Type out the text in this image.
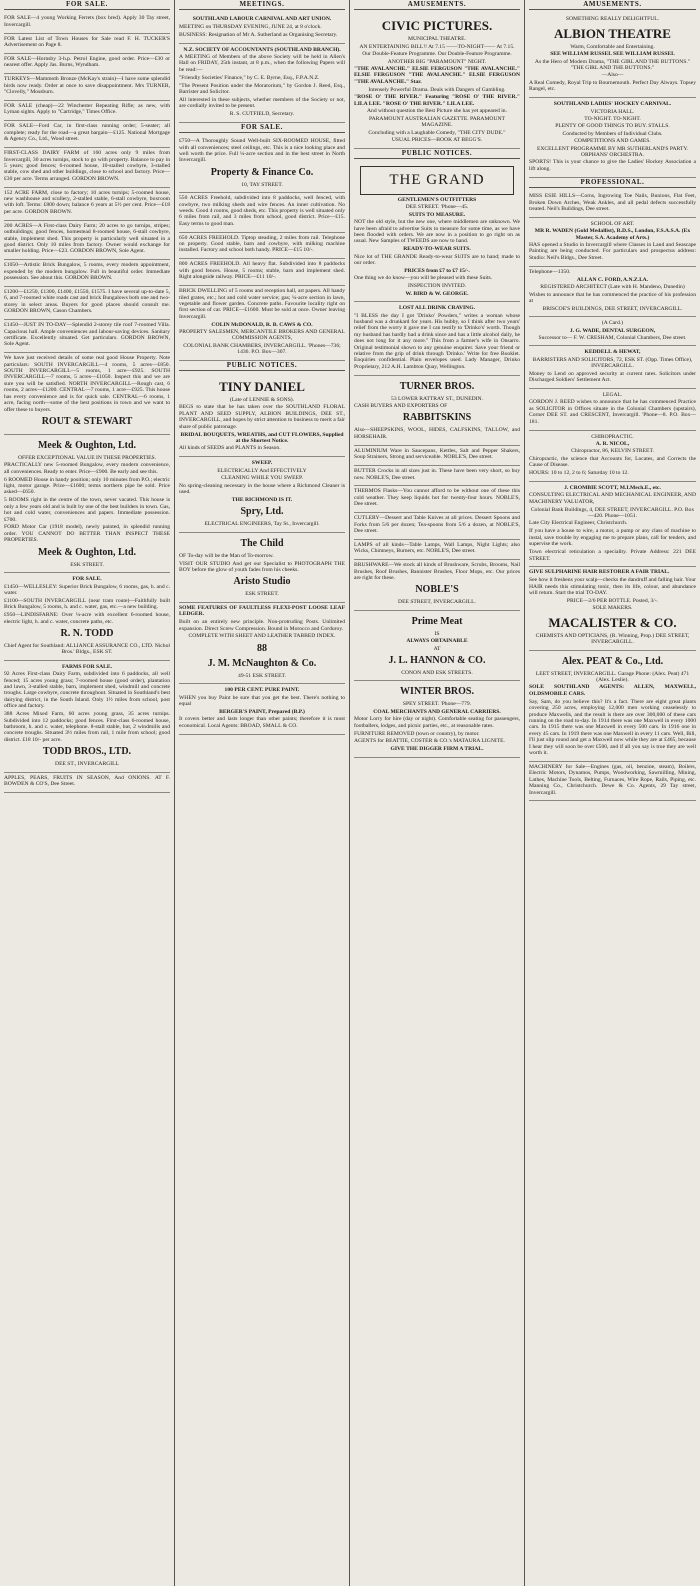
FOR SALE.

FOR SALE—4 young Working Ferrets (box bred). Apply 30 Tay street, Invercargill.

FOR Latest List of Town Houses for Sale read F. H. TUCKER'S Advertisement on Page 8.

FOR SALE—Hornsby 3-h.p. Petrol Engine, good order. Price—£30 or nearest offer. Apply Jas. Burns, Wyndham.

TURKEYS—Mammoth Bronze (McKay's strain)—I have some splendid birds now ready. Order at once to save disappointment. Mrs TURNER, "Clovelly," Mossburn.

FOR SALE (cheap)—22 Winchester Repeating Rifle; as new, with Lyman sights. Apply to "Cartridge," Times Office.

FOR SALE—Ford Car, in first-class running order; 5-seater; all complete; ready for the road—a great bargain—£125. National Mortgage & Agency Co., Ltd., Wood street.

FIRST-CLASS DAIRY FARM of 160 acres only 9 miles from Invercargill, 30 acres turnips, stock to go with property. Balance to pay in 5 years; good fences; 6-roomed house, 10-stalled cowbyre, 3-stalled stable, cow shed and other buildings, close to school and factory. Price—£30 per acre. Terms arranged. GORDON BROWN.

152 ACRE FARM, close to factory; 10 acres turnips; 5-roomed house, new washhouse and scullery, 2-stalled stable, 6-stall cowbyre, boxroom with loft. Terms: £800 down; balance 6 years at 5½ per cent. Price—£18 per acre. GORDON BROWN.

200 ACRES—A First-class Dairy Farm; 20 acres to go turnips, stripes; outbuildings; good fences, homestead 8-roomed house, 6-stall cowbyre, stable, implement shed. This property is particularly well situated in a good district. Only 10 miles from factory. Owner would exchange for smaller holding. Price—£23. GORDON BROWN, Sole Agent.

£1050—Artistic Brick Bungalow, 5 rooms, every modern appointment, expended by the modern bungalow. Full in beautiful order. Immediate possession. See about this. GORDON BROWN.

£1200—£1250, £1300, £1400, £1550, £1575. I have several up-to-date 5, 6, and 7-roomed white roads cast and brick Bungalows both one and two-storey in select areas. Buyers for good places should consult me. GORDON BROWN, Cason Chambers.

£1450—JUST IN TO-DAY—Splendid 2-storey tile roof 7-roomed Villa. Capacious hall. Ample conveniences and labour-saving devices. Sanitary certificate. Excellently situated. Get particulars. GORDON BROWN, Sole Agent.

We have just received details of some real good House Property. Note particulars: SOUTH INVERCARGILL—4 rooms, 5 acres—£850. SOUTH INVERCARGILL—5 rooms, 1 acre—£925. SOUTH INVERCARGILL—7 rooms, 5 acres—£1050. Inspect this and we are sure you will be satisfied. NORTH INVERCARGILL—Rough cast, 6 rooms, 2 acres—£1200. CENTRAL—7 rooms, 1 acre—£925. This house has every convenience and is for quick sale. CENTRAL—6 rooms, 1 acre, facing north—some of the best positions in town and we want to offer these to buyers.

ROUT & STEWART
Meek & Oughton, Ltd.
OFFER EXCEPTIONAL VALUE IN THESE PROPERTIES.

PRACTICALLY new 5-roomed Bungalow, every modern convenience, all conveniences. Ready to enter. Price—£900. Be early and see this.

6 ROOMED House in handy position; only 10 minutes from P.O.; electric light, motor garage. Price—£1600; terms northern pipe be sold. Price asked—£650.

5 ROOMS right in the centre of the town, never vacated. This house is only a few years old and is built by one of the best builders in town. Gas, hot and cold water, conveniences and papers. Immediate possession. £700.

FORD Motor Car (1918 model), newly painted, in splendid running order. YOU CANNOT DO BETTER THAN INSPECT THESE PROPERTIES.

Meek & Oughton, Ltd.
ESK STREET.
FOR SALE.

£1450—WELLESLEY: Superior Brick Bungalow, 6 rooms, gas, h. and c. water.

£1100—SOUTH INVERCARGILL (near tram route)—Faithfully built Brick Bungalow, 5 rooms, h. and c. water, gas, etc.—a new building.

£950—LINDISFARNE: Over ¼-acre with excellent 6-roomed house, electric light, h. and c. water, concrete paths, etc.

R. N. TODD
Chief Agent for Southland: ALLIANCE ASSURANCE CO., LTD. Nichol Bros.' Bldgs., ESK ST.
FARMS FOR SALE.

92 Acres First-class Dairy Farm, subdivided into 6 paddocks, all well fenced; 15 acres young grass; 7-roomed house (good order), plantation and lawn, 3-stalled stable, barn, implement shed, windmill and concrete troughs. Large cowbyre, concrete throughout. Situated in Southland's best dairying district, in the South Island. Only 1½ miles from school, post office and factory.

388 Acres Mixed Farm, 60 acres young grass, 35 acres turnips. Subdivided into 12 paddocks; good fences. First-class 6-roomed house, bathroom, h. and c. water, telephone. 8-stall stable, hut, 2 windmills and concrete troughs. Situated 3½ miles from rail, 1 mile from school; good district. £18 10/- per acre.

TODD BROS., LTD.
DEE ST., INVERCARGILL

APPLES, PEARS, FRUITS IN SEASON, And ONIONS. AT F. BOWDEN & CO'S, Dee Street.

MEETINGS.
SOUTHLAND LABOUR CARNIVAL AND ART UNION.

MEETING on THURSDAY EVENING, JUNE 24, at 8 o'clock.

BUSINESS: Resignation of Mr A. Sutherland as Organising Secretary.

N.Z. SOCIETY OF ACCOUNTANTS (SOUTHLAND BRANCH).

A MEETING of Members of the above Society will be held in Allen's Hall on FRIDAY, 25th instant, at 8 p.m., when the following Papers will be read:—

"Friendly Societies' Finance," by C. E. Byrne, Esq., F.P.A.N.Z.

"The Present Position under the Moratorium," by Gordon J. Reed, Esq., Barrister and Solicitor.

All interested in these subjects, whether members of the Society or not, are cordially invited to be present.

R. S. CUTFIELD, Secretary.
FOR SALE.

£750—A Thoroughly Sound Well-built SIX-ROOMED HOUSE, fitted with all conveniences; steel ceilings, etc. This is a nice looking place and well worth the price. Full ¼-acre section and in the best street in North Invercargill.

Property & Finance Co.
10, TAY STREET.

550 ACRES Freehold, subdivided into 8 paddocks, well fenced, with cowbyre, two milking sheds and wire fences. An inner cultivation. No weeds. Good 4 rooms, good sheds, etc. This property is well situated only 6 miles from rail, and 3 miles from school, good district. Price—£15. Easy terms to good man.

650 ACRES FREEHOLD. Tiptop steading, 2 miles from rail. Telephone on property. Good stable, barn and cowbyre, with milking machine installed. Factory and school both handy. PRICE—£15 10/-.

800 ACRES FREEHOLD. All heavy flat. Subdivided into 8 paddocks with good fences. House, 5 rooms; stable, barn and implement shed. Right alongside railway. PRICE—£11 10/-.

BRICK DWELLING of 5 rooms and reception hall, art papers. All handy tiled grates, etc.; hot and cold water service; gas; ¼-acre section in lawn, vegetable and flower garden. Concrete paths. Favourite locality right on first section of car. PRICE—£1600. Must be sold at once. Owner leaving Invercargill.

COLIN McDONALD, R. B. CAWS & CO.
PROPERTY SALESMEN, MERCANTILE BROKERS AND GENERAL COMMISSION AGENTS,
COLONIAL BANK CHAMBERS, INVERCARGILL. 'Phones—736; 1436. P.O. Box—307.
PUBLIC NOTICES.
TINY DANIEL
(Late of LENNIE & SONS).

BEGS to state that he has taken over the SOUTHLAND FLORAL PLANT AND SEED SUPPLY, ALBION BUILDINGS, DEE ST., INVERCARGILL, and hopes by strict attention to business to merit a fair share of public patronage.

BRIDAL BOUQUETS, WREATHS, and CUT FLOWERS, Supplied at the Shortest Notice.

All kinds of SEEDS and PLANTS in Season.

SWEEP.
ELECTRICALLY And EFFECTIVELY
CLEANING WHILE YOU SWEEP.

No spring-cleaning necessary in the house where a Richmond Cleaner is used.

THE RICHMOND IS IT.
Spry, Ltd.
ELECTRICAL ENGINEERS, Tay St., Invercargill.
The Child

OF To-day will be the Man of To-morrow.

VISIT OUR STUDIO And get our Specialist to PHOTOGRAPH THE BOY before the glow of youth fades from his cheeks.

Aristo Studio
ESK STREET.

SOME FEATURES OF FAULTLESS FLEXI-POST LOOSE LEAF LEDGER.

Built on an entirely new principle. Non-protruding Posts. Unlimited expansion. Direct Screw Compression. Bound in Morocco and Corduroy.

COMPLETE WITH SHEET AND LEATHER TABBED INDEX.
88
J. M. McNaughton & Co.
49-51 ESK STREET.
100 PER CENT. PURE PAINT.

WHEN you buy Paint be sure that you get the best. There's nothing to equal

BERGER'S PAINT, Prepared (B.P.)

It covers better and lasts longer than other paints; therefore it is most economical. Local Agents: BROAD, SMALL & CO.

AMUSEMENTS.
CIVIC PICTURES.
MUNICIPAL THEATRE.
AN ENTERTAINING BILL!! At 7.15 ——TO-NIGHT—— At 7.15.
Our Double-Feature Programme. Our Double-Feature Programme.
ANOTHER BIG "PARAMOUNT" NIGHT.

"THE AVALANCHE." ELSIE FERGUSON "THE AVALANCHE." ELSIE FERGUSON "THE AVALANCHE." ELSIE FERGUSON "THE AVALANCHE." Star.

Intensely Powerful Drama. Deals with Dangers of Gambling.

"ROSE O' THE RIVER." Featuring "ROSE O' THE RIVER." LILA LEE. "ROSE O' THE RIVER." LILA LEE.

And without question the Best Picture she has yet appeared in.
PARAMOUNT AUSTRALIAN GAZETTE. PARAMOUNT MAGAZINE.
Concluding with a Laughable Comedy, "THE CITY DUDE."
USUAL PRICES—BOOK AT BEGG'S.
PUBLIC NOTICES.
THE GRAND
GENTLEMEN'S OUTFITTERS
DEE STREET. 'Phone—45.
SUITS TO MEASURE.

NOT the old style, but the new one, where middlemen are unknown. We have been afraid to advertise Suits to measure for some time, as we have been flooded with orders. We are now in a position to go right on as usual. New Samples of TWEEDS are now to hand.

READY-TO-WEAR SUITS.

Nice lot of THE GRANDE Ready-to-wear SUITS are to hand; made to our order.

PRICES from £7 to £7 15/-.

One thing we do know—you will be pleased with these Suits.

INSPECTION INVITED.
W. BIRD & W. GEORGE.
LOST ALL DRINK CRAVING.

"I BLESS the day I got 'Drinko' Powders," writes a woman whose husband was a drunkard for years. His hubby, so I think after two years' relief from the worry it gave me I can testify to 'Drinko's' worth. Though my husband has hardly had a drink since and has a little alcohol daily, he does not long for it any more." This from a farmer's wife in Onsarro. Original testimonial shown to any genuine enquirer. Save your friend or relative from the grip of drink through 'Drinko.' Write for free Booklet. Enquiries confidential. Plain envelopes used. Lady Manager, Drinko Proprietary, 212 A.H. Lambton Quay, Wellington.

TURNER BROS.
53 LOWER RATTRAY ST., DUNEDIN.

CASH BUYERS AND EXPORTERS OF

RABBITSKINS

Also—SHEEPSKINS, WOOL, HIDES, CALFSKINS, TALLOW, and HORSEHAIR.

ALUMINIUM Ware in Saucepans, Kettles, Salt and Pepper Shakers, Soup Strainers, Strong and serviceable. NOBLE'S, Dee street.

BUTTER Crocks in all sizes just in. These have been very short, so buy now. NOBLE'S, Dee street.

THERMOS Flasks—You cannot afford to be without one of these this cold weather. They keep liquids hot for twenty-four hours. NOBLE'S, Dee street.

CUTLERY—Dessert and Table Knives at all prices. Dessert Spoons and Forks from 5/6 per dozen; Tea-spoons from 5/6 a dozen, at NOBLE'S, Dee street.

LAMPS of all kinds—Table Lamps, Wall Lamps, Night Lights; also Wicks, Chimneys, Burners, etc. NOBLE'S, Dee street.

BRUSHWARE—We stock all kinds of Brushware, Scrubs, Brooms, Nail Brushes, Roof Brushes, Bannister Brushes, Floor Mops, etc. Our prices are right for these.

NOBLE'S
DEE STREET, INVERCARGILL.
Prime Meat
IS
ALWAYS OBTAINABLE
AT
J. L. HANNON & CO.
CONON AND ESK STREETS.
WINTER BROS.
SPEY STREET. 'Phone—779.
COAL MERCHANTS AND GENERAL CARRIERS.

Motor Lorry for hire (day or night). Comfortable seating for passengers, footballers, lodges, and picnic parties, etc., at reasonable rates.

FURNITURE REMOVED (town or country), by motor.

AGENTS for BEATTIE, COSTER & CO.'s MATAURA LIGNITE.

GIVE THE DIGGER FIRM A TRIAL.
AMUSEMENTS.
SOMETHING REALLY DELIGHTFUL.
ALBION THEATRE
Warm, Comfortable and Entertaining.
SEE WILLIAM RUSSEL SEE WILLIAM RUSSEL
As the Hero of Modern Drama, "THE GIRL AND THE BUTTONS." "THE GIRL AND THE BUTTONS."
—Also—

A Real Comedy, Royal Trip to Bournemouth. Perfect Day Always. Topsey Rangel, etc.

SOUTHLAND LADIES' HOCKEY CARNIVAL.
VICTORIA HALL.
TO-NIGHT. TO-NIGHT.
PLENTY OF GOOD THINGS TO BUY. STALLS.
Conducted by Members of Individual Clubs.
COMPETITIONS AND GAMES.
EXCELLENT PROGRAMME BY MR SUTHERLAND'S PARTY. ORPHANS' ORCHESTRA.

SPORTS! This is your chance to give the Ladies' Hockey Association a lift along.

PROFESSIONAL.

MISS ESIE HILLS—Corns, Ingrowing Toe Nails, Bunions, Flat Feet, Broken Down Arches, Weak Ankles, and all pedal defects successfully treated. Neil's Buildings, Dee street.

SCHOOL OF ART.
MR R. WADEN (Gold Medallist), R.D.S., London, F.S.A.S.A. (Ex Master, S.A. Academy of Arts.)

HAS opened a Studio in Invercargill where Classes in Land and Seascape Painting are being conducted. For particulars and prospectus address: Studio: Neil's Bldgs., Dee Street.

Telephone—1350.

ALLAN C. FORD, A.N.Z.I.A.
REGISTERED ARCHITECT (Late with H. Mandeno, Dunedin)

Wishes to announce that he has commenced the practice of his profession at

BRISCOE'S BUILDINGS, DEE STREET, INVERCARGILL.
(A Card.)
J. G. WADE, DENTAL SURGEON,
Successor to— F. W. CRESHAM, Colonial Chambers, Dee street.
KEDDELL & HEWAT,
BARRISTERS AND SOLICITORS, 72, ESK ST. (Opp. Times Office), INVERCARGILL.

Money to Lend on approved security at current rates. Solicitors under Discharged Soldiers' Settlement Act.

LEGAL.

GORDON J. REED wishes to announce that he has commenced Practice as SOLICITOR in Offices situate in the Colonial Chambers (upstairs), Corner DEE ST. and CRESCENT, Invercargill. 'Phone—8. P.O. Box—181.

CHIROPRACTIC.
A. R. NICOL,
Chiropractor, 86, KELVIN STREET.

Chiropractic, the science that Accounts for, Locates, and Corrects the Cause of Disease.

HOURS: 10 to 12, 2 to 6; Saturday 10 to 12.

J. CROMBIE SCOTT, M.I.Mech.E., etc.

CONSULTING ELECTRICAL AND MECHANICAL ENGINEER, AND MACHINERY VALUATOR,

Colonial Bank Buildings, 4, DEE STREET, INVERCARGILL. P.O. Box—420. Phone—1051.

Late City Electrical Engineer, Christchurch.

If you have a house to wire, a motor, a pump or any class of machine to instal, save trouble by engaging me to prepare plans, call for tenders, and supervise the work.

Town electrical reticulation a speciality. Private Address: 221 DEE STREET.

GIVE SULPHARINE HAIR RESTORER A FAIR TRIAL.

See how it freshens your scalp—checks the dandruff and falling hair. Your HAIR needs this stimulating tonic, then its life, colour, and abundance will return. Start the trial TO-DAY.

PRICE—2/6 PER BOTTLE. Posted, 3/-.
SOLE MAKERS.
MACALISTER & CO.
CHEMISTS AND OPTICIANS, (R. Winning, Prop.) DEE STREET, INVERCARGILL.
Alex. PEAT & Co., Ltd.
LEET STREET, INVERCARGILL. Garage Phone: (Alex. Peat) 471 (Alex. Leslie).

SOLE SOUTHLAND AGENTS: ALLEN, MAXWELL, OLDSMOBILE CARS.

Say, Sam, do you believe this? It's a fact. There are eight great plants covering 250 acres, employing 12,000 men working ceaselessly to produce Maxwells, and the result is there are over 300,000 of these cars running on the road to-day. In 1914 there was one Maxwell in every 1000 cars. In 1915 there was one Maxwell in every 500 cars. In 1916 one in every 45 cars. In 1919 there was one Maxwell in every 11 cars. Well, Bill, I'll just slip round and get a Maxwell now while they are at £465, because I hear they will soon be over £500, and if all you say is true they are well worth it.

MACHINERY for Sale—Engines (gas, oil, benzine, steam), Boilers, Electric Motors, Dynamos, Pumps, Woodworking, Sawmilling, Mining, Lathes, Machine Tools, Belting, Furnaces, Wire Rope, Rails, Piping, etc. Manning Co., Christchurch. Dewe & Co. Agents, 29 Tay street, Invercargill.
